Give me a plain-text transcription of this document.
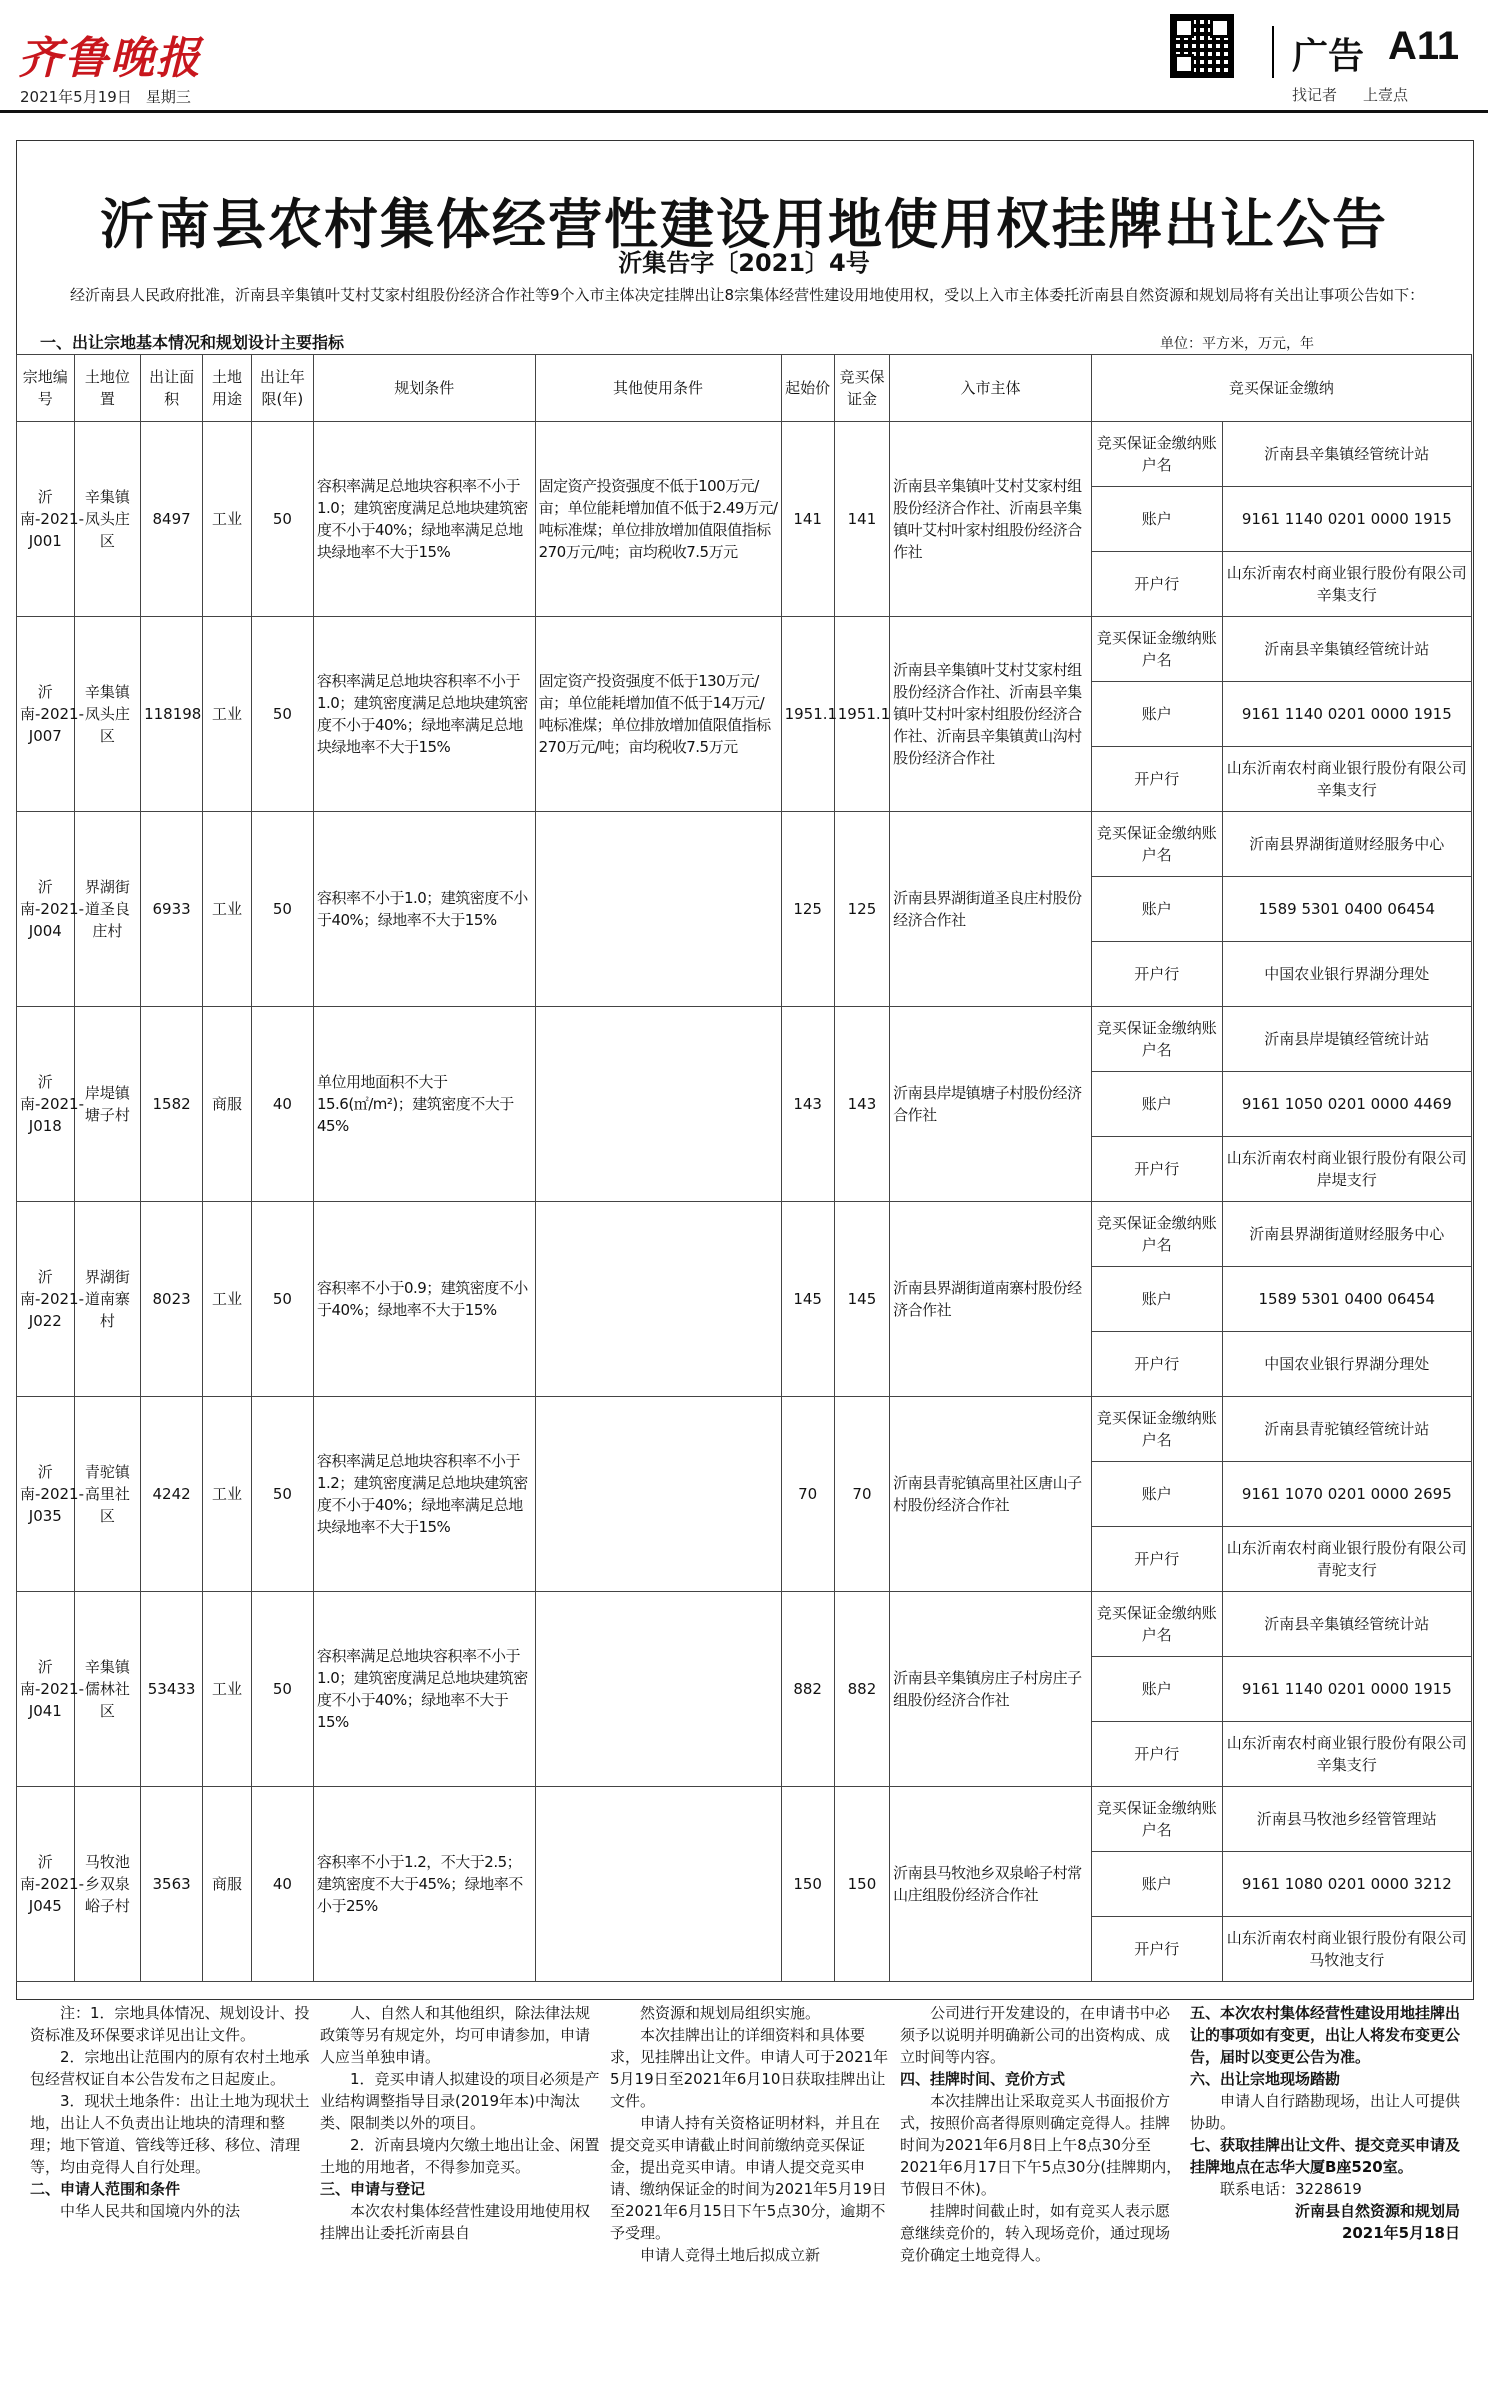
齐鲁晚报
2021年5月19日 星期三
广告 A11
找记者 上壹点
沂南县农村集体经营性建设用地使用权挂牌出让公告
沂集告字〔2021〕4号
经沂南县人民政府批准，沂南县辛集镇叶艾村艾家村组股份经济合作社等9个入市主体决定挂牌出让8宗集体经营性建设用地使用权，受以上入市主体委托沂南县自然资源和规划局将有关出让事项公告如下：
一、出让宗地基本情况和规划设计主要指标	单位：平方米，万元，年
宗地编号	土地位置	出让面积	土地用途	出让年限(年)	规划条件	其他使用条件	起始价	竞买保证金	入市主体	竞买保证金缴纳	
沂南-2021-J001	辛集镇凤头庄区	8497	工业	50	容积率满足总地块容积率不小于1.0；建筑密度满足总地块建筑密度不小于40%；绿地率满足总地块绿地率不大于15%	固定资产投资强度不低于100万元/亩；单位能耗增加值不低于2.49万元/吨标准煤；单位排放增加值限值指标270万元/吨；亩均税收7.5万元	141	141	沂南县辛集镇叶艾村艾家村组股份经济合作社、沂南县辛集镇叶艾村叶家村组股份经济合作社	竞买保证金缴纳账户名	沂南县辛集镇经管统计站
										账户	9161 1140 0201 0000 1915
										开户行	山东沂南农村商业银行股份有限公司辛集支行
沂南-2021-J007	辛集镇凤头庄区	118198	工业	50	容积率满足总地块容积率不小于1.0；建筑密度满足总地块建筑密度不小于40%；绿地率满足总地块绿地率不大于15%	固定资产投资强度不低于130万元/亩；单位能耗增加值不低于14万元/吨标准煤；单位排放增加值限值指标270万元/吨；亩均税收7.5万元	1951.1	1951.1	沂南县辛集镇叶艾村艾家村组股份经济合作社、沂南县辛集镇叶艾村叶家村组股份经济合作社、沂南县辛集镇黄山沟村股份经济合作社	竞买保证金缴纳账户名	沂南县辛集镇经管统计站
										账户	9161 1140 0201 0000 1915
										开户行	山东沂南农村商业银行股份有限公司辛集支行
沂南-2021-J004	界湖街道圣良庄村	6933	工业	50	容积率不小于1.0；建筑密度不小于40%；绿地率不大于15%		125	125	沂南县界湖街道圣良庄村股份经济合作社	竞买保证金缴纳账户名	沂南县界湖街道财经服务中心
										账户	1589 5301 0400 06454
										开户行	中国农业银行界湖分理处
沂南-2021-J018	岸堤镇塘子村	1582	商服	40	单位用地面积不大于15.6(㎡/m²)；建筑密度不大于45%		143	143	沂南县岸堤镇塘子村股份经济合作社	竞买保证金缴纳账户名	沂南县岸堤镇经管统计站
										账户	9161 1050 0201 0000 4469
										开户行	山东沂南农村商业银行股份有限公司岸堤支行
沂南-2021-J022	界湖街道南寨村	8023	工业	50	容积率不小于0.9；建筑密度不小于40%；绿地率不大于15%		145	145	沂南县界湖街道南寨村股份经济合作社	竞买保证金缴纳账户名	沂南县界湖街道财经服务中心
										账户	1589 5301 0400 06454
										开户行	中国农业银行界湖分理处
沂南-2021-J035	青驼镇高里社区	4242	工业	50	容积率满足总地块容积率不小于1.2；建筑密度满足总地块建筑密度不小于40%；绿地率满足总地块绿地率不大于15%		70	70	沂南县青驼镇高里社区唐山子村股份经济合作社	竞买保证金缴纳账户名	沂南县青驼镇经管统计站
										账户	9161 1070 0201 0000 2695
										开户行	山东沂南农村商业银行股份有限公司青驼支行
沂南-2021-J041	辛集镇儒林社区	53433	工业	50	容积率满足总地块容积率不小于1.0；建筑密度满足总地块建筑密度不小于40%；绿地率不大于15%		882	882	沂南县辛集镇房庄子村房庄子组股份经济合作社	竞买保证金缴纳账户名	沂南县辛集镇经管统计站
										账户	9161 1140 0201 0000 1915
										开户行	山东沂南农村商业银行股份有限公司辛集支行
沂南-2021-J045	马牧池乡双泉峪子村	3563	商服	40	容积率不小于1.2，不大于2.5；建筑密度不大于45%；绿地率不小于25%		150	150	沂南县马牧池乡双泉峪子村常山庄组股份经济合作社	竞买保证金缴纳账户名	沂南县马牧池乡经管管理站
										账户	9161 1080 0201 0000 3212
										开户行	山东沂南农村商业银行股份有限公司马牧池支行

注：1．宗地具体情况、规划设计、投资标准及环保要求详见出让文件。

2．宗地出让范围内的原有农村土地承包经营权证自本公告发布之日起废止。

3．现状土地条件：出让土地为现状土地，出让人不负责出让地块的清理和整理；地下管道、管线等迁移、移位、清理等，均由竞得人自行处理。

二、申请人范围和条件

中华人民共和国境内外的法

人、自然人和其他组织，除法律法规政策等另有规定外，均可申请参加，申请人应当单独申请。

1．竞买申请人拟建设的项目必须是产业结构调整指导目录(2019年本)中淘汰类、限制类以外的项目。

2．沂南县境内欠缴土地出让金、闲置土地的用地者，不得参加竞买。

三、申请与登记

本次农村集体经营性建设用地使用权挂牌出让委托沂南县自

然资源和规划局组织实施。

本次挂牌出让的详细资料和具体要求，见挂牌出让文件。申请人可于2021年5月19日至2021年6月10日获取挂牌出让文件。

申请人持有关资格证明材料，并且在提交竞买申请截止时间前缴纳竞买保证金，提出竞买申请。申请人提交竞买申请、缴纳保证金的时间为2021年5月19日至2021年6月15日下午5点30分，逾期不予受理。

申请人竞得土地后拟成立新

公司进行开发建设的，在申请书中必须予以说明并明确新公司的出资构成、成立时间等内容。

四、挂牌时间、竞价方式

本次挂牌出让采取竞买人书面报价方式，按照价高者得原则确定竞得人。挂牌时间为2021年6月8日上午8点30分至2021年6月17日下午5点30分(挂牌期内，节假日不休)。

挂牌时间截止时，如有竞买人表示愿意继续竞价的，转入现场竞价，通过现场竞价确定土地竞得人。

五、本次农村集体经营性建设用地挂牌出让的事项如有变更，出让人将发布变更公告，届时以变更公告为准。

六、出让宗地现场踏勘

申请人自行踏勘现场，出让人可提供协助。

七、获取挂牌出让文件、提交竞买申请及挂牌地点在志华大厦B座520室。

联系电话：3228619

沂南县自然资源和规划局

2021年5月18日
